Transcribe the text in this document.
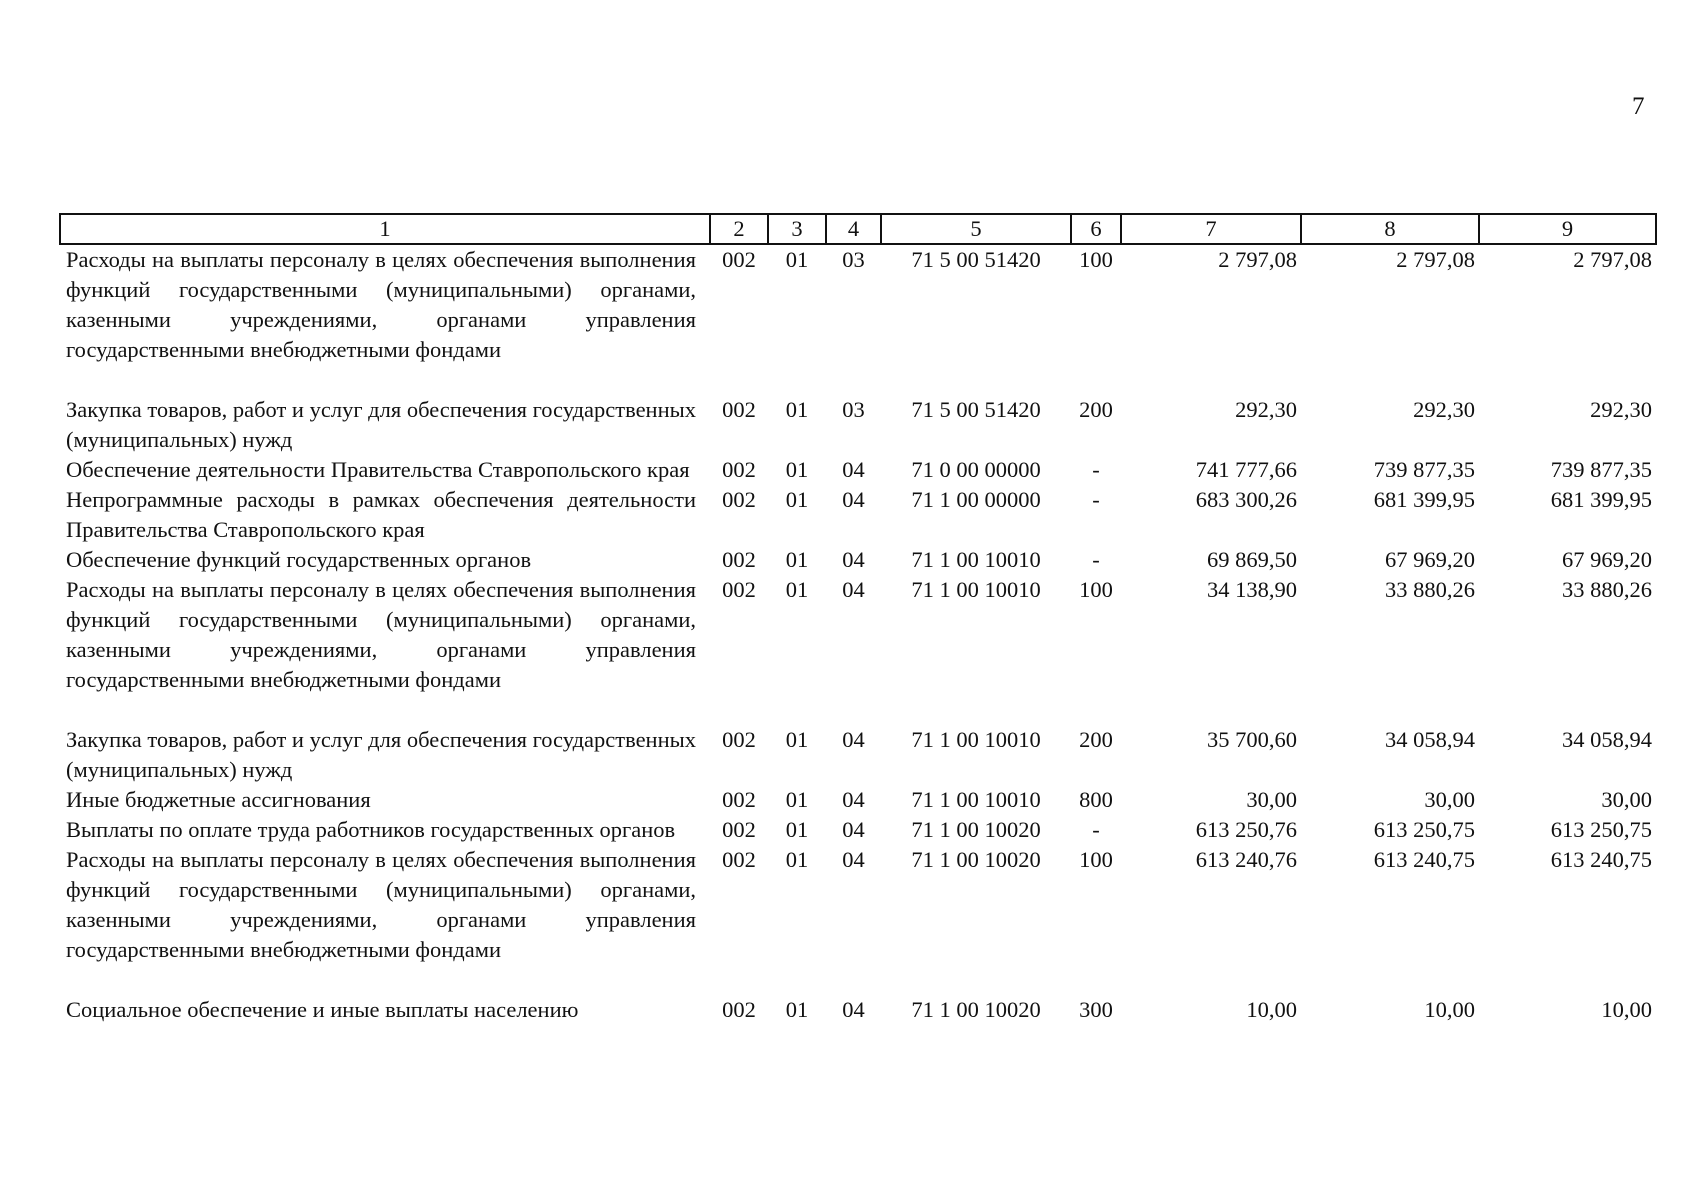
7
1	2	3	4	5	6	7	8	9
Расходы на выплаты персоналу в целях обеспечения выполнения функций государственными (муниципальными) органами, казенными учреждениями, органами управления государственными внебюджетными фондами	002	01	03	71 5 00 51420	100	2 797,08	2 797,08	2 797,08
Закупка товаров, работ и услуг для обеспечения государственных (муниципальных) нужд	002	01	03	71 5 00 51420	200	292,30	292,30	292,30
Обеспечение деятельности Правительства Ставропольского края	002	01	04	71 0 00 00000	-	741 777,66	739 877,35	739 877,35
Непрограммные расходы в рамках обеспечения деятельности Правительства Ставропольского края	002	01	04	71 1 00 00000	-	683 300,26	681 399,95	681 399,95
Обеспечение функций государственных органов	002	01	04	71 1 00 10010	-	69 869,50	67 969,20	67 969,20
Расходы на выплаты персоналу в целях обеспечения выполнения функций государственными (муниципальными) органами, казенными учреждениями, органами управления государственными внебюджетными фондами	002	01	04	71 1 00 10010	100	34 138,90	33 880,26	33 880,26
Закупка товаров, работ и услуг для обеспечения государственных (муниципальных) нужд	002	01	04	71 1 00 10010	200	35 700,60	34 058,94	34 058,94
Иные бюджетные ассигнования	002	01	04	71 1 00 10010	800	30,00	30,00	30,00
Выплаты по оплате труда работников государственных органов	002	01	04	71 1 00 10020	-	613 250,76	613 250,75	613 250,75
Расходы на выплаты персоналу в целях обеспечения выполнения функций государственными (муниципальными) органами, казенными учреждениями, органами управления государственными внебюджетными фондами	002	01	04	71 1 00 10020	100	613 240,76	613 240,75	613 240,75
Социальное обеспечение и иные выплаты населению	002	01	04	71 1 00 10020	300	10,00	10,00	10,00
